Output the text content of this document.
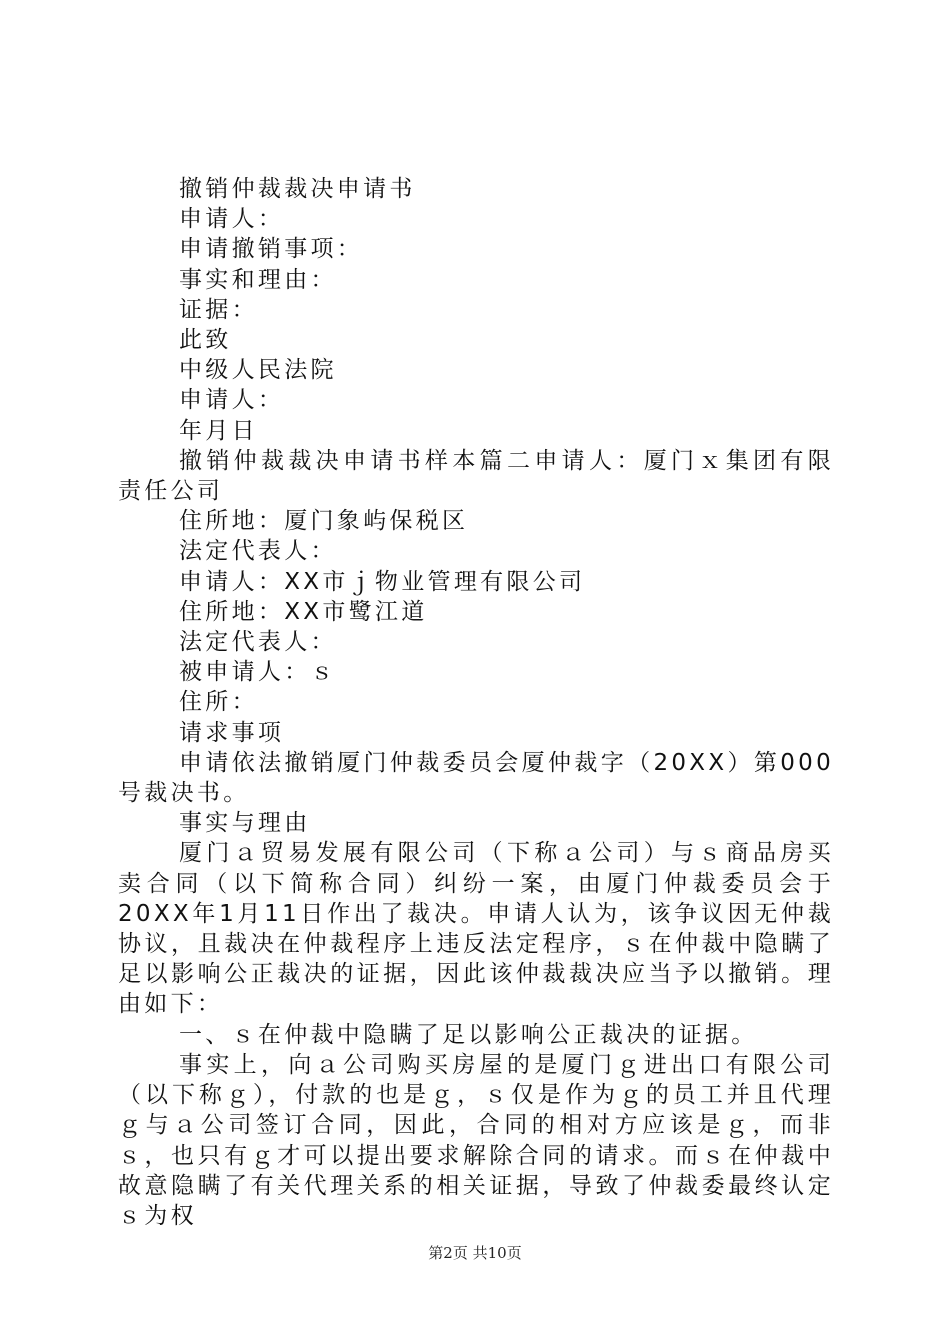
撤销仲裁裁决申请书

申请人：

申请撤销事项：

事实和理由：

证据：

此致

中级人民法院

申请人：

年月日

撤销仲裁裁决申请书样本篇二申请人：厦门ｘ集团有限责任公司

住所地：厦门象屿保税区

法定代表人：

申请人：XX市ｊ物业管理有限公司

住所地：XX市鹭江道

法定代表人：

被申请人：ｓ

住所：

请求事项

申请依法撤销厦门仲裁委员会厦仲裁字（20XX）第000号裁决书。

事实与理由

厦门ａ贸易发展有限公司（下称ａ公司）与ｓ商品房买卖合同（以下简称合同）纠纷一案，由厦门仲裁委员会于20XX年1月11日作出了裁决。申请人认为，该争议因无仲裁协议，且裁决在仲裁程序上违反法定程序，ｓ在仲裁中隐瞒了足以影响公正裁决的证据，因此该仲裁裁决应当予以撤销。理由如下：

一、ｓ在仲裁中隐瞒了足以影响公正裁决的证据。

事实上，向ａ公司购买房屋的是厦门ｇ进出口有限公司（以下称ｇ），付款的也是ｇ，ｓ仅是作为ｇ的员工并且代理ｇ与ａ公司签订合同，因此，合同的相对方应该是ｇ，而非ｓ，也只有ｇ才可以提出要求解除合同的请求。而ｓ在仲裁中故意隐瞒了有关代理关系的相关证据，导致了仲裁委最终认定ｓ为权

第2页 共10页
